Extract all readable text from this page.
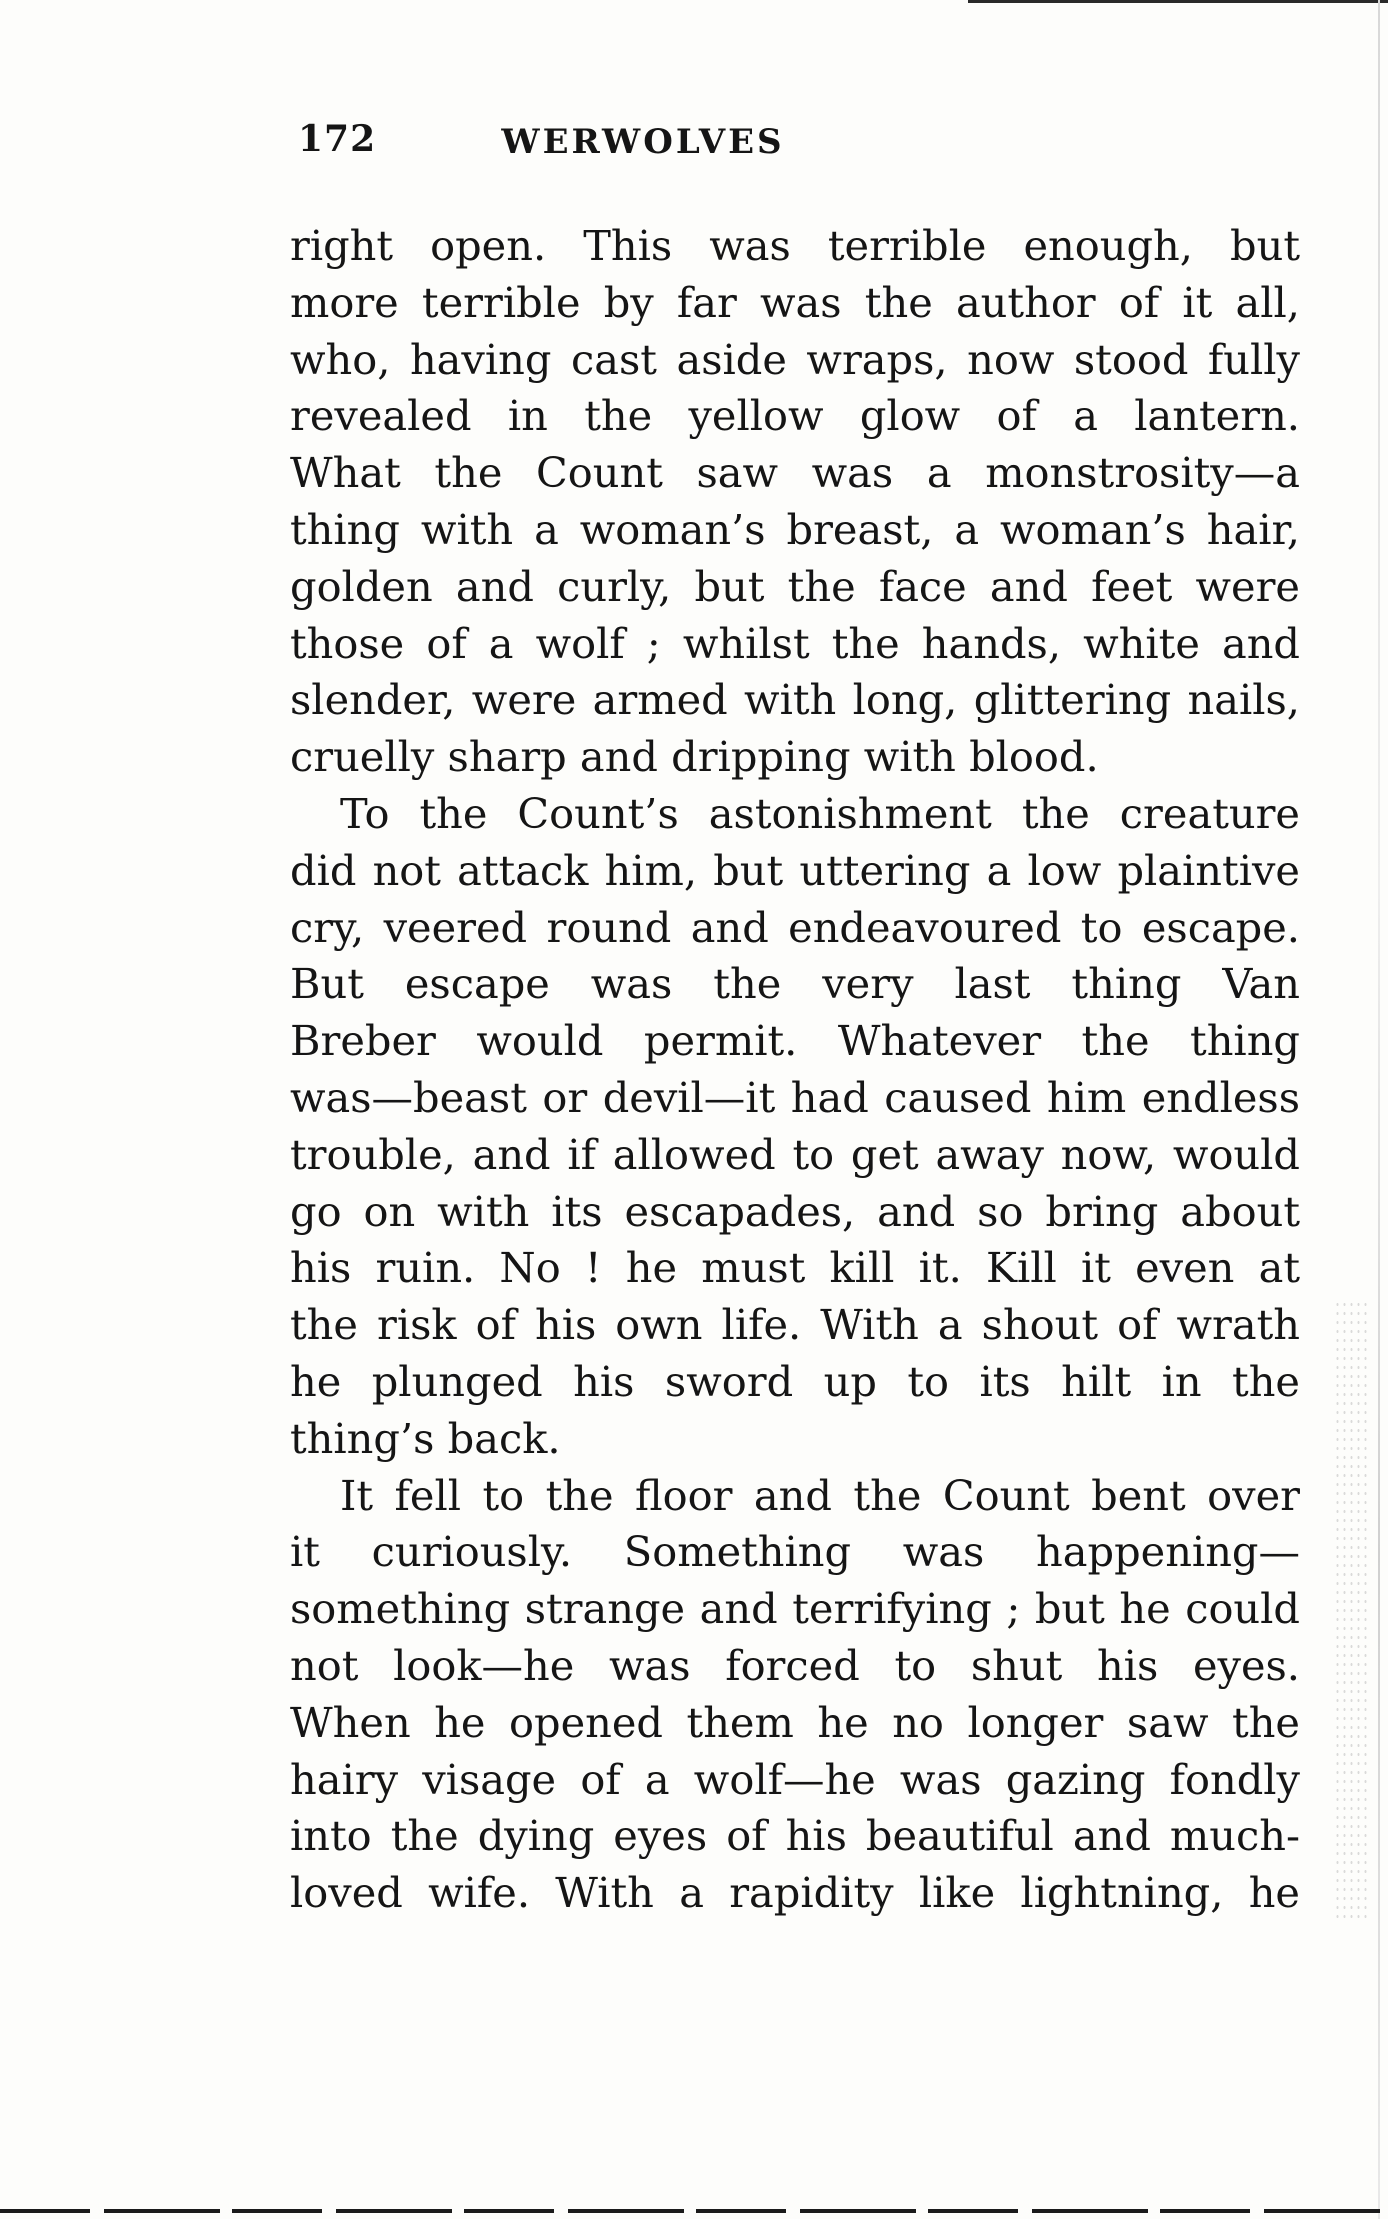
172	WERWOLVES
right open. This was terrible enough, but
more terrible by far was the author of it all,
who, having cast aside wraps, now stood fully
revealed in the yellow glow of a lantern.
What the Count saw was a monstrosity—a
thing with a woman’s breast, a woman’s hair,
golden and curly, but the face and feet were
those of a wolf ; whilst the hands, white and
slender, were armed with long, glittering nails,
cruelly sharp and dripping with blood.
To the Count’s astonishment the creature
did not attack him, but uttering a low plaintive
cry, veered round and endeavoured to escape.
But escape was the very last thing Van
Breber would permit. Whatever the thing
was—beast or devil—it had caused him endless
trouble, and if allowed to get away now, would
go on with its escapades, and so bring about
his ruin. No ! he must kill it. Kill it even at
the risk of his own life. With a shout of wrath
he plunged his sword up to its hilt in the
thing’s back.
It fell to the floor and the Count bent over
it curiously. Something was happening—
something strange and terrifying ; but he could
not look—he was forced to shut his eyes.
When he opened them he no longer saw the
hairy visage of a wolf—he was gazing fondly
into the dying eyes of his beautiful and much-
loved wife. With a rapidity like lightning, he
